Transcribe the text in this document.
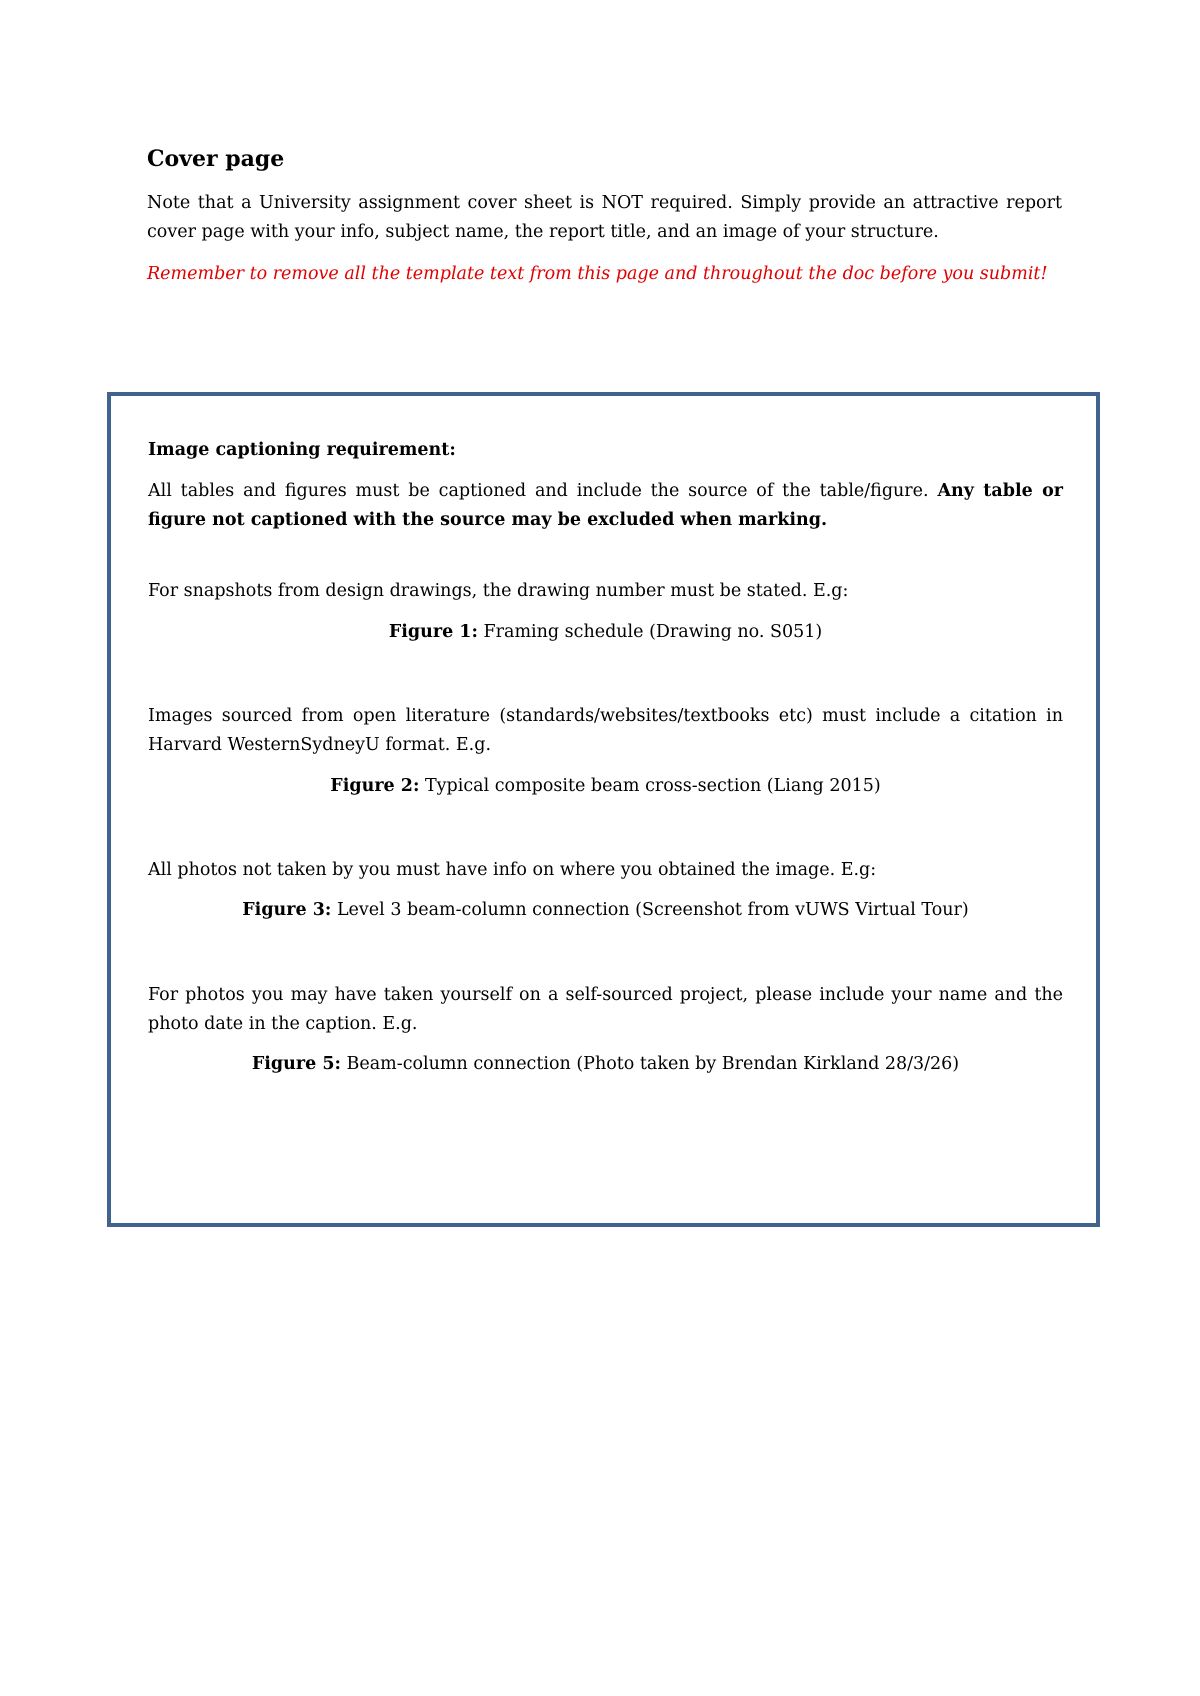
Cover page

Note that a University assignment cover sheet is NOT required. Simply provide an attractive report cover page with your info, subject name, the report title, and an image of your structure.

Remember to remove all the template text from this page and throughout the doc before you submit!

Image captioning requirement:

All tables and figures must be captioned and include the source of the table/figure. Any table or figure not captioned with the source may be excluded when marking.

For snapshots from design drawings, the drawing number must be stated. E.g:

Figure 1: Framing schedule (Drawing no. S051)

Images sourced from open literature (standards/websites/textbooks etc) must include a citation in Harvard WesternSydneyU format. E.g.

Figure 2: Typical composite beam cross-section (Liang 2015)

All photos not taken by you must have info on where you obtained the image. E.g:

Figure 3: Level 3 beam-column connection (Screenshot from vUWS Virtual Tour)

For photos you may have taken yourself on a self-sourced project, please include your name and the photo date in the caption. E.g.

Figure 5: Beam-column connection (Photo taken by Brendan Kirkland 28/3/26)
